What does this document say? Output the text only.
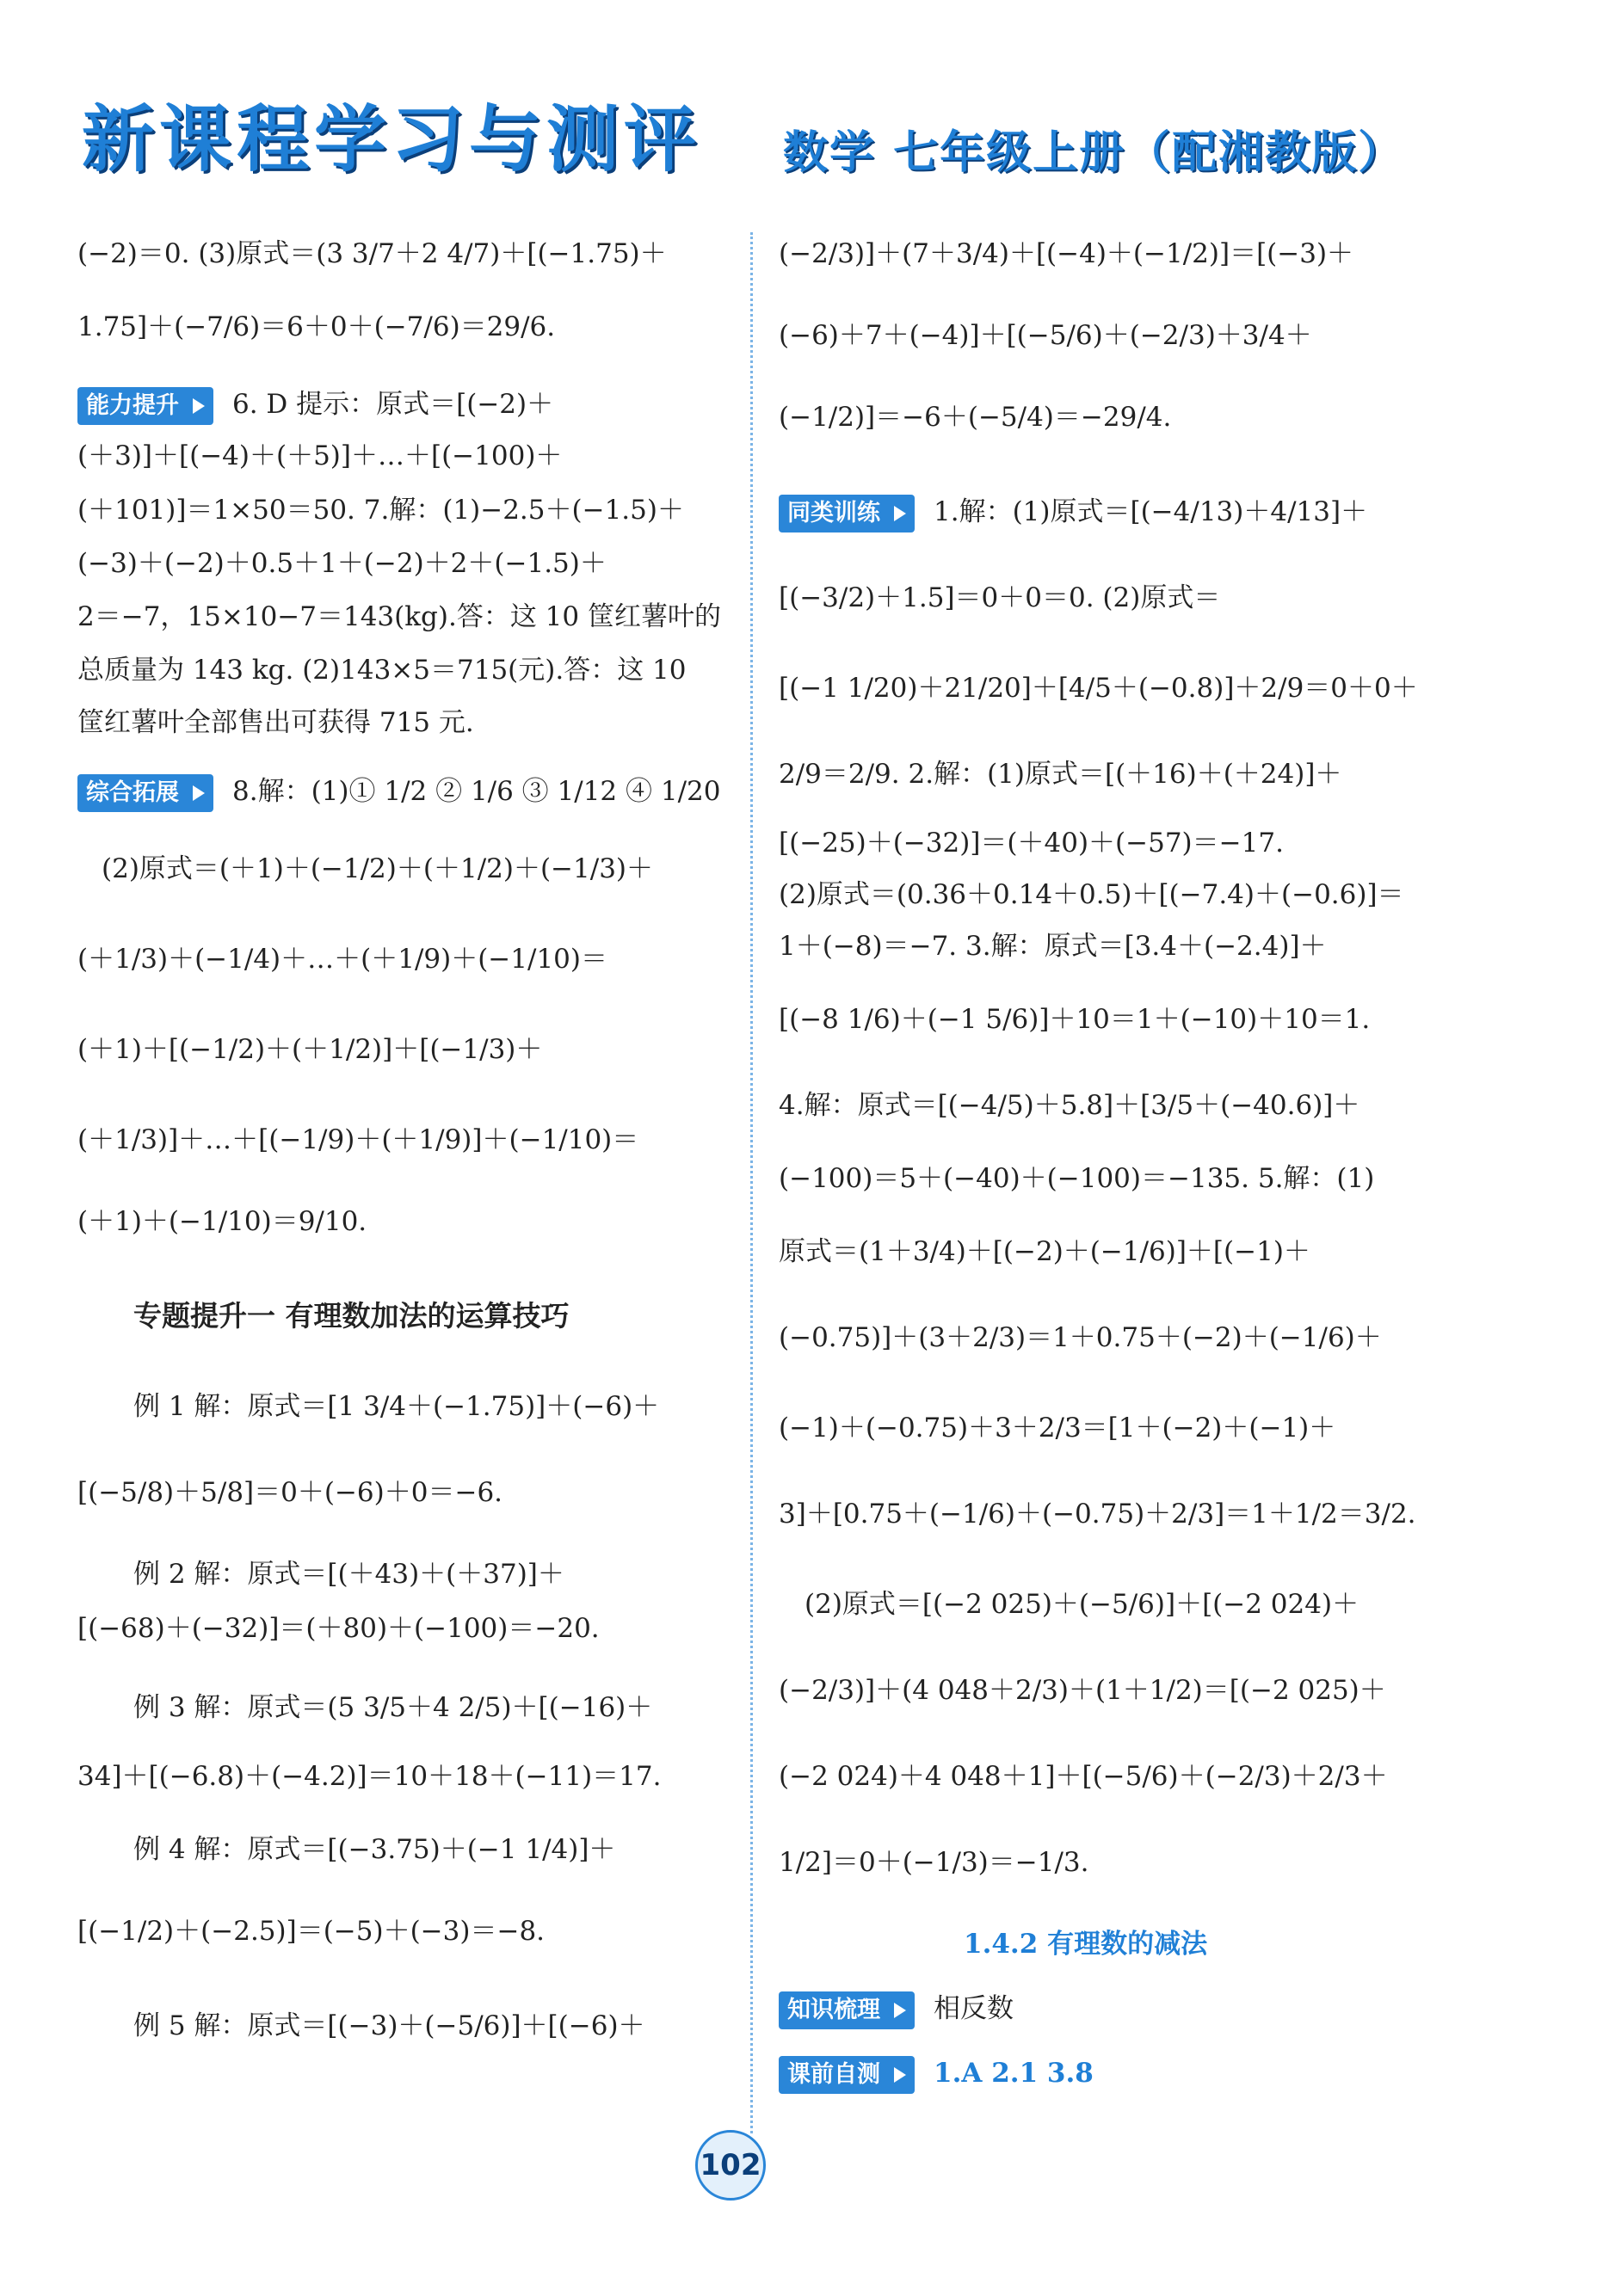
新课程学习与测评 数学 七年级上册（配湘教版）
(−2)＝0. (3)原式＝(3 3/7＋2 4/7)＋[(−1.75)＋
1.75]＋(−7/6)＝6＋0＋(−7/6)＝29/6.
能力提升 6. D 提示：原式＝[(−2)＋
(＋3)]＋[(−4)＋(＋5)]＋…＋[(−100)＋
(＋101)]＝1×50＝50. 7.解：(1)−2.5＋(−1.5)＋
(−3)＋(−2)＋0.5＋1＋(−2)＋2＋(−1.5)＋
2＝−7，15×10−7＝143(kg).答：这 10 筐红薯叶的
总质量为 143 kg. (2)143×5＝715(元).答：这 10
筐红薯叶全部售出可获得 715 元.
综合拓展 8.解：(1)① 1/2 ② 1/6 ③ 1/12 ④ 1/20
(2)原式＝(＋1)＋(−1/2)＋(＋1/2)＋(−1/3)＋
(＋1/3)＋(−1/4)＋…＋(＋1/9)＋(−1/10)＝
(＋1)＋[(−1/2)＋(＋1/2)]＋[(−1/3)＋
(＋1/3)]＋…＋[(−1/9)＋(＋1/9)]＋(−1/10)＝
(＋1)＋(−1/10)＝9/10.
专题提升一 有理数加法的运算技巧
例 1 解：原式＝[1 3/4＋(−1.75)]＋(−6)＋
[(−5/8)＋5/8]＝0＋(−6)＋0＝−6.
例 2 解：原式＝[(＋43)＋(＋37)]＋
[(−68)＋(−32)]＝(＋80)＋(−100)＝−20.
例 3 解：原式＝(5 3/5＋4 2/5)＋[(−16)＋
34]＋[(−6.8)＋(−4.2)]＝10＋18＋(−11)＝17.
例 4 解：原式＝[(−3.75)＋(−1 1/4)]＋
[(−1/2)＋(−2.5)]＝(−5)＋(−3)＝−8.
例 5 解：原式＝[(−3)＋(−5/6)]＋[(−6)＋
(−2/3)]＋(7＋3/4)＋[(−4)＋(−1/2)]＝[(−3)＋
(−6)＋7＋(−4)]＋[(−5/6)＋(−2/3)＋3/4＋
(−1/2)]＝−6＋(−5/4)＝−29/4.
同类训练 1.解：(1)原式＝[(−4/13)＋4/13]＋
[(−3/2)＋1.5]＝0＋0＝0. (2)原式＝
[(−1 1/20)＋21/20]＋[4/5＋(−0.8)]＋2/9＝0＋0＋
2/9＝2/9. 2.解：(1)原式＝[(＋16)＋(＋24)]＋
[(−25)＋(−32)]＝(＋40)＋(−57)＝−17.
(2)原式＝(0.36＋0.14＋0.5)＋[(−7.4)＋(−0.6)]＝
1＋(−8)＝−7. 3.解：原式＝[3.4＋(−2.4)]＋
[(−8 1/6)＋(−1 5/6)]＋10＝1＋(−10)＋10＝1.
4.解：原式＝[(−4/5)＋5.8]＋[3/5＋(−40.6)]＋
(−100)＝5＋(−40)＋(−100)＝−135. 5.解：(1)
原式＝(1＋3/4)＋[(−2)＋(−1/6)]＋[(−1)＋
(−0.75)]＋(3＋2/3)＝1＋0.75＋(−2)＋(−1/6)＋
(−1)＋(−0.75)＋3＋2/3＝[1＋(−2)＋(−1)＋
3]＋[0.75＋(−1/6)＋(−0.75)＋2/3]＝1＋1/2＝3/2.
(2)原式＝[(−2 025)＋(−5/6)]＋[(−2 024)＋
(−2/3)]＋(4 048＋2/3)＋(1＋1/2)＝[(−2 025)＋
(−2 024)＋4 048＋1]＋[(−5/6)＋(−2/3)＋2/3＋
1/2]＝0＋(−1/3)＝−1/3.
1.4.2 有理数的减法
知识梳理 相反数
课前自测 1.A 2.1 3.8
102
